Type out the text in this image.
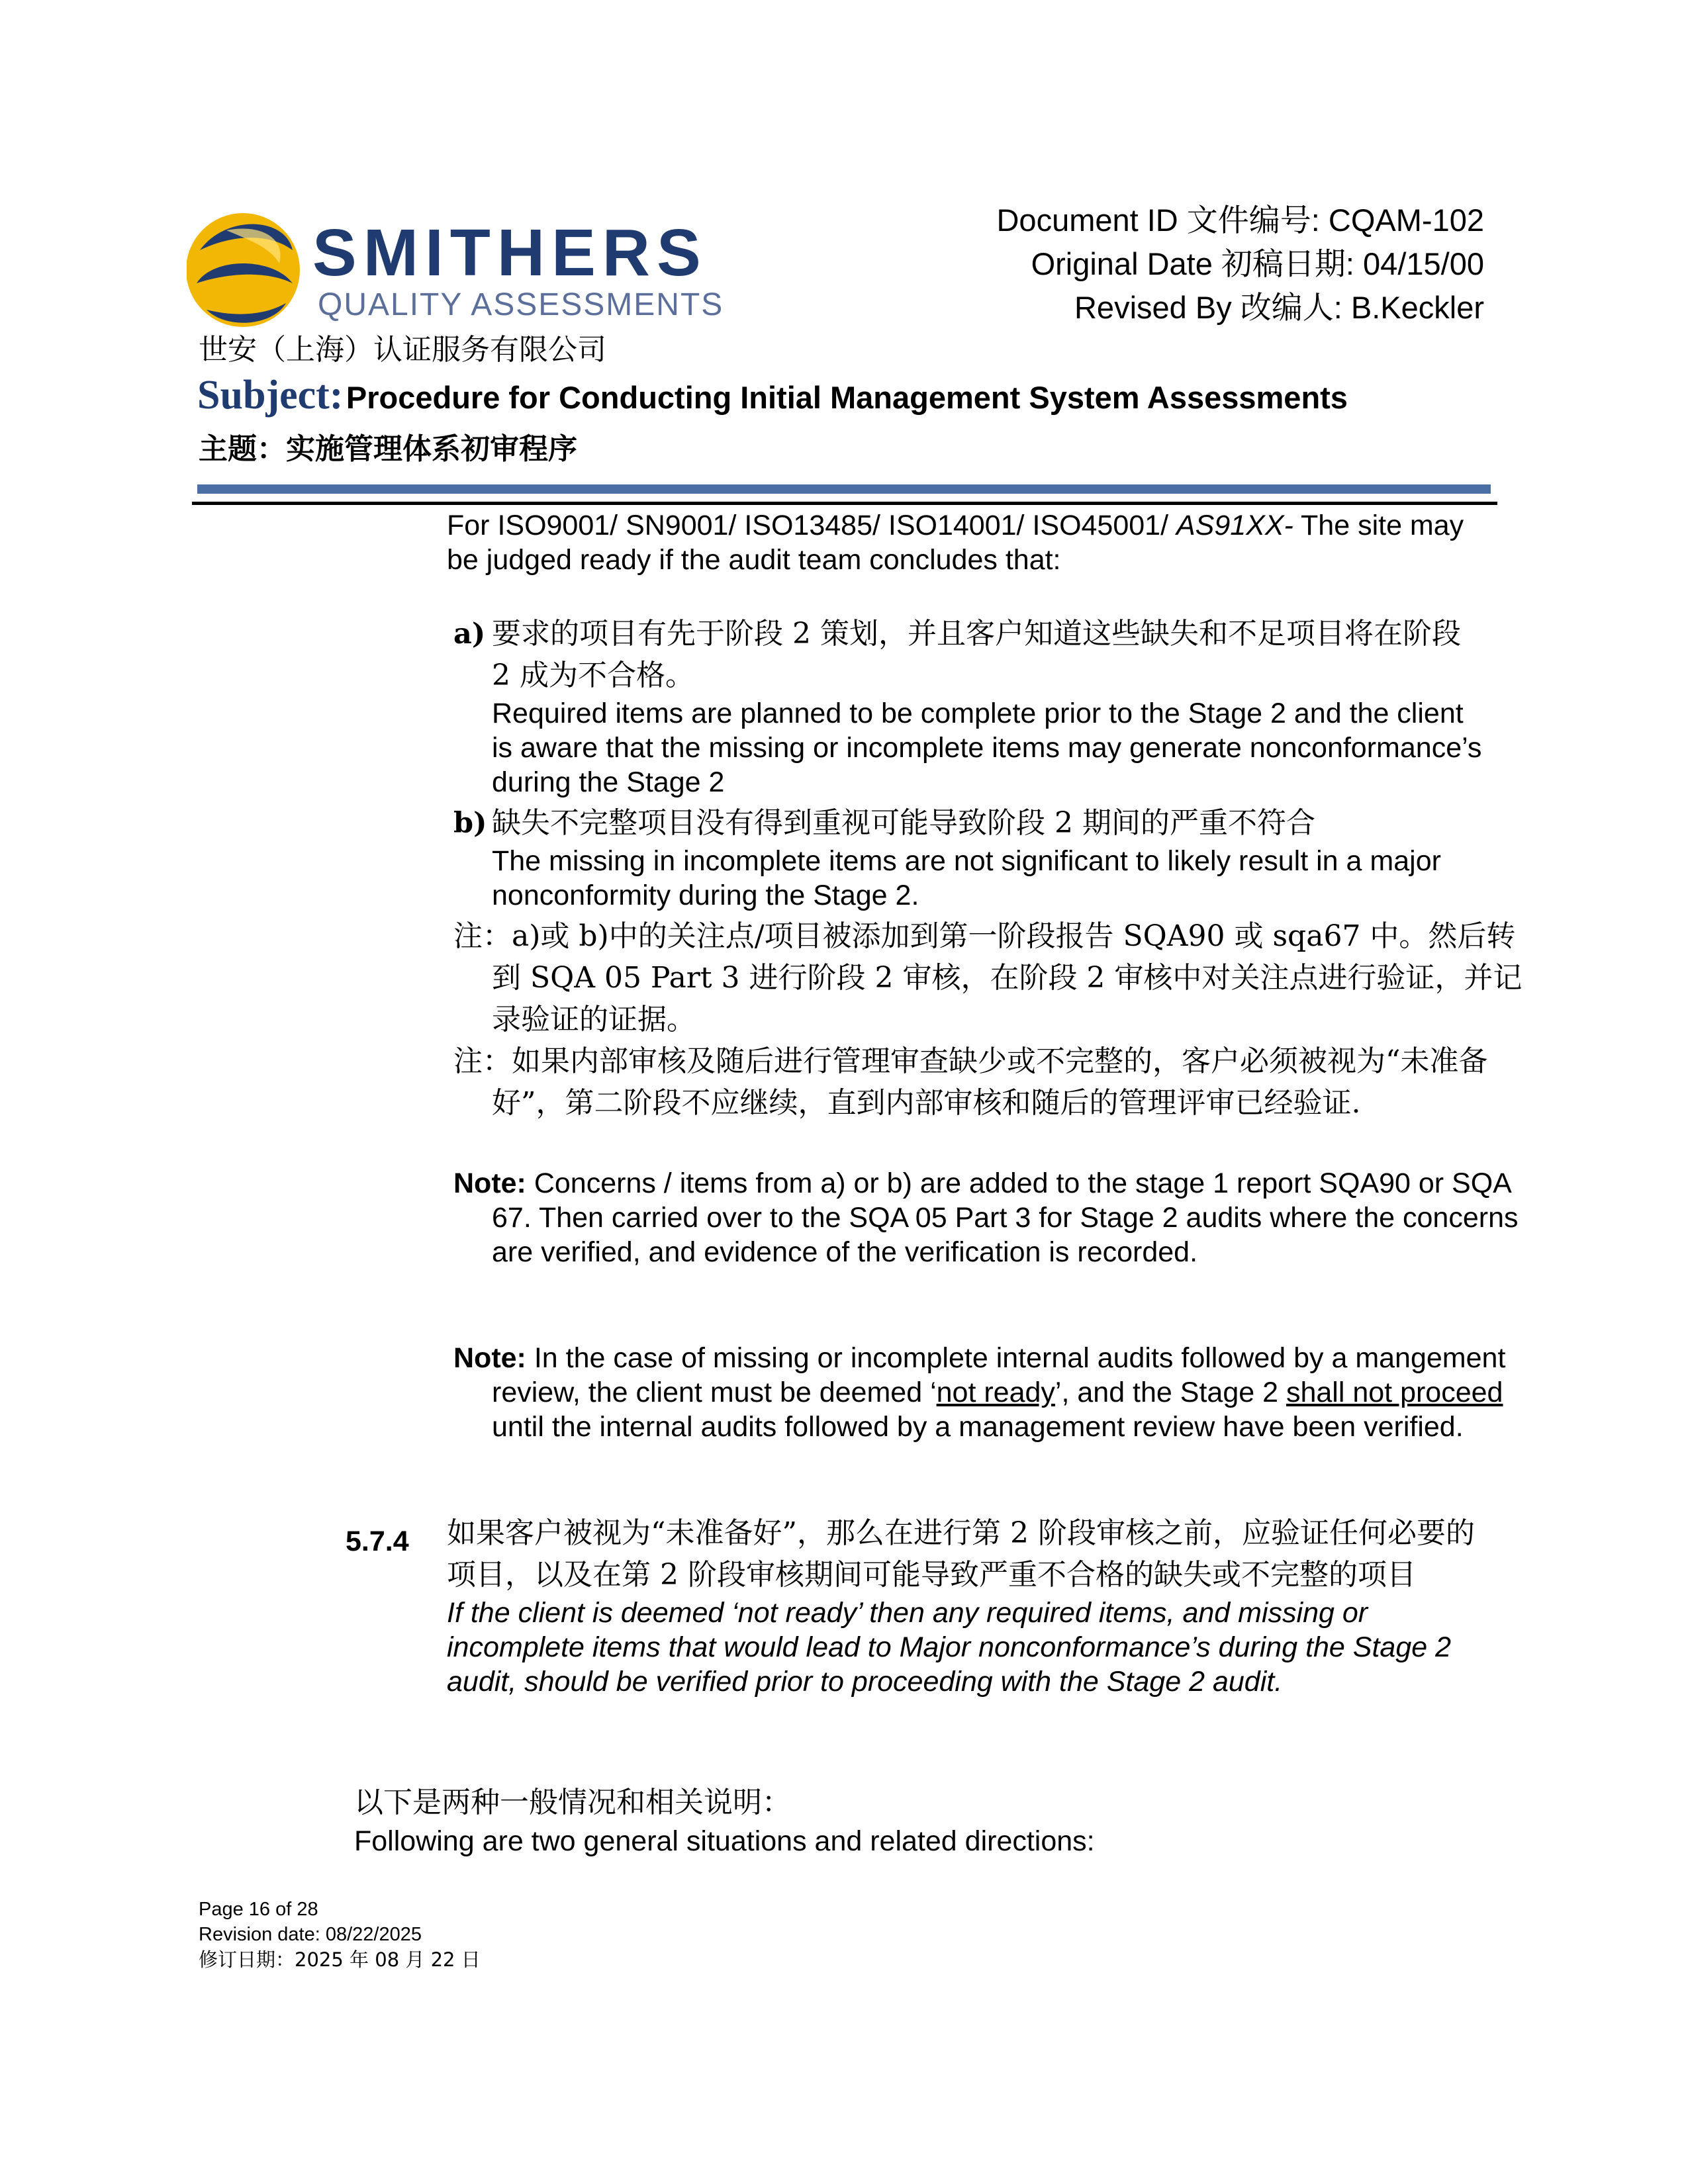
SMITHERS
QUALITY ASSESSMENTS
世安（上海）认证服务有限公司
Document ID 文件编号: CQAM-102
Original Date 初稿日期: 04/15/00
Revised By 改编人: B.Keckler
Subject: Procedure for Conducting Initial Management System Assessments
主题：实施管理体系初审程序
For ISO9001/ SN9001/ ISO13485/ ISO14001/ ISO45001/ AS91XX- The site may be judged ready if the audit team concludes that:
a) 要求的项目有先于阶段 2 策划，并且客户知道这些缺失和不足项目将在阶段 2 成为不合格。
Required items are planned to be complete prior to the Stage 2 and the client is aware that the missing or incomplete items may generate nonconformance’s during the Stage 2
b) 缺失不完整项目没有得到重视可能导致阶段 2 期间的严重不符合
The missing in incomplete items are not significant to likely result in a major nonconformity during the Stage 2.
注：a)或 b)中的关注点/项目被添加到第一阶段报告 SQA90 或 sqa67 中。然后转到 SQA 05 Part 3 进行阶段 2 审核，在阶段 2 审核中对关注点进行验证，并记录验证的证据。
注：如果内部审核及随后进行管理审查缺少或不完整的，客户必须被视为“未准备好”，第二阶段不应继续，直到内部审核和随后的管理评审已经验证.
Note: Concerns / items from a) or b) are added to the stage 1 report SQA90 or SQA 67. Then carried over to the SQA 05 Part 3 for Stage 2 audits where the concerns are verified, and evidence of the verification is recorded.
Note: In the case of missing or incomplete internal audits followed by a mangement review, the client must be deemed ‘not ready’, and the Stage 2 shall not proceed until the internal audits followed by a management review have been verified.
5.7.4 如果客户被视为“未准备好”，那么在进行第 2 阶段审核之前，应验证任何必要的项目，以及在第 2 阶段审核期间可能导致严重不合格的缺失或不完整的项目
If the client is deemed ‘not ready’ then any required items, and missing or incomplete items that would lead to Major nonconformance’s during the Stage 2 audit, should be verified prior to proceeding with the Stage 2 audit.
以下是两种一般情况和相关说明：
Following are two general situations and related directions:
Page 16 of 28
Revision date: 08/22/2025
修订日期：2025 年 08 月 22 日
